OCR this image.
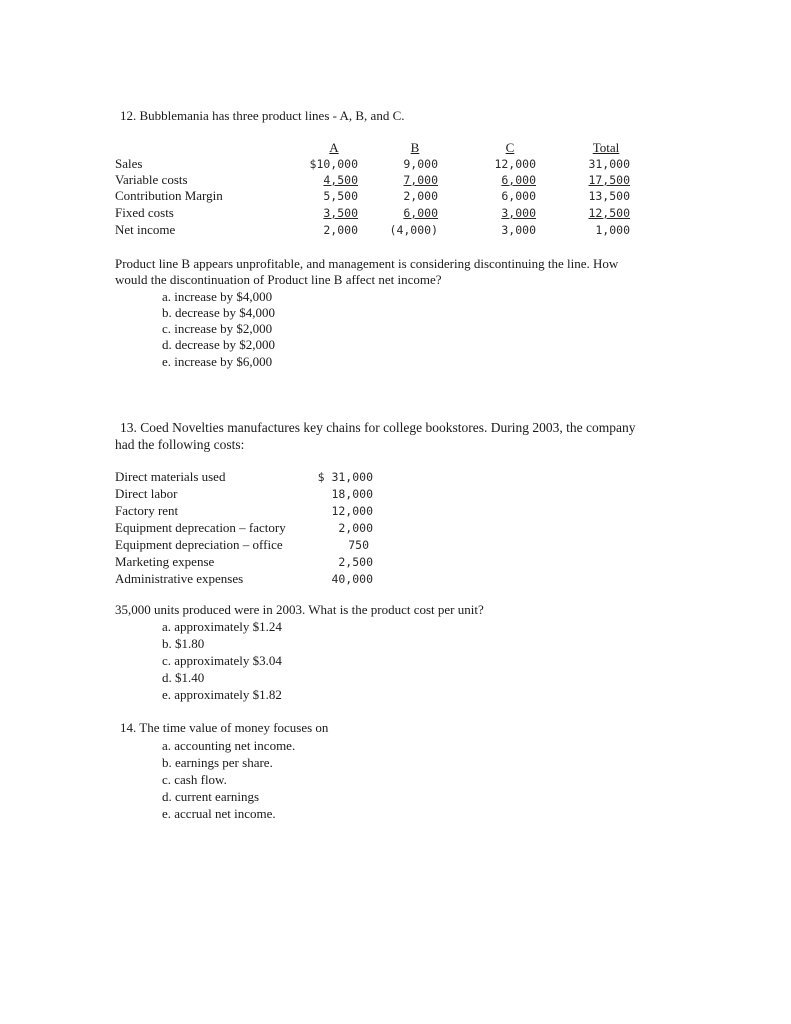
12. Bubblemania has three product lines - A, B, and C.
A	B	C	Total
Sales	$10,000	9,000	12,000	31,000
Variable costs	4,500	7,000	6,000	17,500
Contribution Margin	5,500	2,000	6,000	13,500
Fixed costs	3,500	6,000	3,000	12,500
Net income	2,000	(4,000)	3,000	1,000
Product line B appears unprofitable, and management is considering discontinuing the line. How
would the discontinuation of Product line B affect net income?
a. increase by $4,000
b. decrease by $4,000
c. increase by $2,000
d. decrease by $2,000
e. increase by $6,000
13. Coed Novelties manufactures key chains for college bookstores. During 2003, the company
had the following costs:
Direct materials used	$ 31,000
Direct labor	18,000
Factory rent	12,000
Equipment deprecation – factory	2,000
Equipment depreciation – office	750
Marketing expense	2,500
Administrative expenses	40,000
35,000 units produced were in 2003. What is the product cost per unit?
a. approximately $1.24
b. $1.80
c. approximately $3.04
d. $1.40
e. approximately $1.82
14. The time value of money focuses on
a. accounting net income.
b. earnings per share.
c. cash flow.
d. current earnings
e. accrual net income.
